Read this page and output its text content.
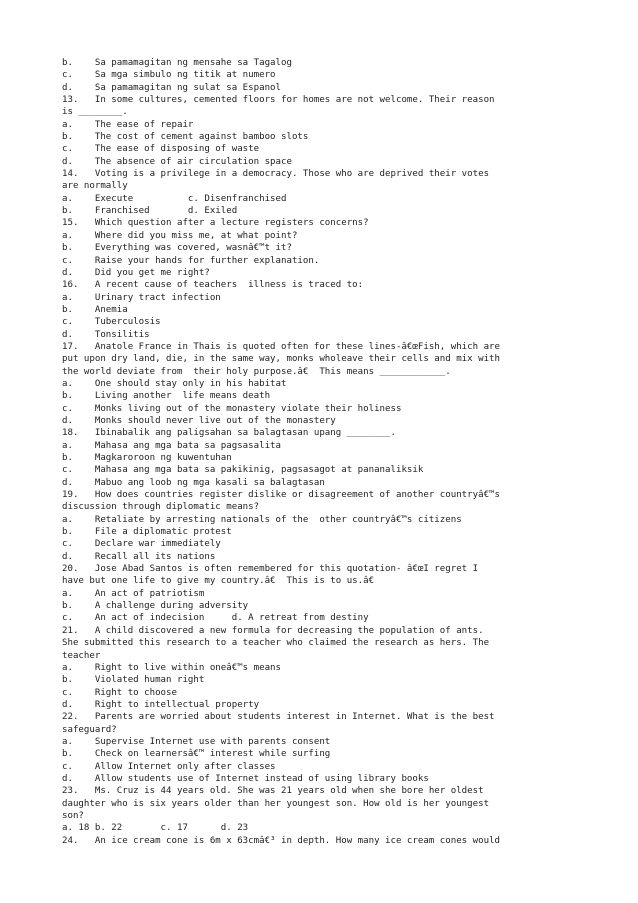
b.    Sa pamamagitan ng mensahe sa Tagalog
c.    Sa mga simbulo ng titik at numero
d.    Sa pamamagitan ng sulat sa Espanol
13.   In some cultures, cemented floors for homes are not welcome. Their reason
is ________.
a.    The ease of repair
b.    The cost of cement against bamboo slots
c.    The ease of disposing of waste
d.    The absence of air circulation space
14.   Voting is a privilege in a democracy. Those who are deprived their votes
are normally
a.    Execute          c. Disenfranchised
b.    Franchised       d. Exiled
15.   Which question after a lecture registers concerns?
a.    Where did you miss me, at what point?
b.    Everything was covered, wasnâ€™t it?
c.    Raise your hands for further explanation.
d.    Did you get me right?
16.   A recent cause of teachers  illness is traced to:
a.    Urinary tract infection
b.    Anemia
c.    Tuberculosis
d.    Tonsilitis
17.   Anatole France in Thais is quoted often for these lines-â€œFish, which are
put upon dry land, die, in the same way, monks wholeave their cells and mix with
the world deviate from  their holy purpose.â€  This means ____________.
a.    One should stay only in his habitat
b.    Living another  life means death
c.    Monks living out of the monastery violate their holiness
d.    Monks should never live out of the monastery
18.   Ibinabalik ang paligsahan sa balagtasan upang ________.
a.    Mahasa ang mga bata sa pagsasalita
b.    Magkaroroon ng kuwentuhan
c.    Mahasa ang mga bata sa pakikinig, pagsasagot at pananaliksik
d.    Mabuo ang loob ng mga kasali sa balagtasan
19.   How does countries register dislike or disagreement of another countryâ€™s
discussion through diplomatic means?
a.    Retaliate by arresting nationals of the  other countryâ€™s citizens
b.    File a diplomatic protest
c.    Declare war immediately
d.    Recall all its nations
20.   Jose Abad Santos is often remembered for this quotation- â€œI regret I
have but one life to give my country.â€  This is to us.â€
a.    An act of patriotism
b.    A challenge during adversity
c.    An act of indecision     d. A retreat from destiny
21.   A child discovered a new formula for decreasing the population of ants.
She submitted this research to a teacher who claimed the research as hers. The
teacher
a.    Right to live within oneâ€™s means
b.    Violated human right
c.    Right to choose
d.    Right to intellectual property
22.   Parents are worried about students interest in Internet. What is the best
safeguard?
a.    Supervise Internet use with parents consent
b.    Check on learnersâ€™ interest while surfing
c.    Allow Internet only after classes
d.    Allow students use of Internet instead of using library books
23.   Ms. Cruz is 44 years old. She was 21 years old when she bore her oldest
daughter who is six years older than her youngest son. How old is her youngest
son?
a. 18 b. 22       c. 17      d. 23
24.   An ice cream cone is 6m x 63cmâ€³ in depth. How many ice cream cones would
